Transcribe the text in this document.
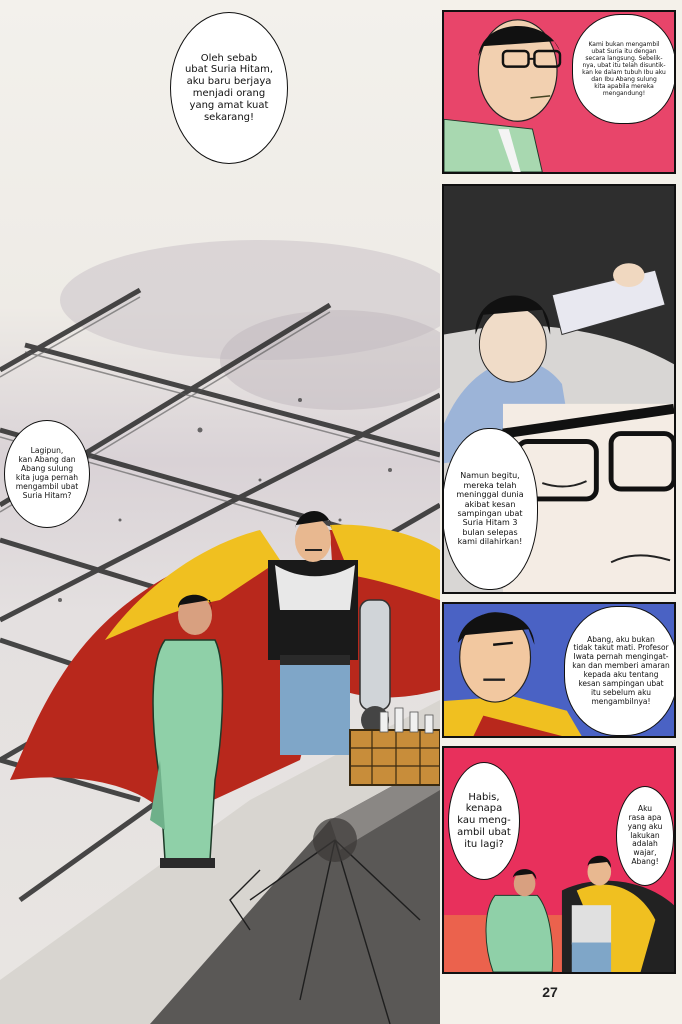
Oleh sebab
ubat Suria Hitam,
aku baru berjaya
menjadi orang
yang amat kuat
sekarang!
Lagipun,
kan Abang dan
Abang sulung
kita juga pernah
mengambil ubat
Suria Hitam?
Kami bukan mengambil
ubat Suria itu dengan
secara langsung. Sebelik-
nya, ubat itu telah disuntik-
kan ke dalam tubuh Ibu aku
dan Ibu Abang sulung
kita apabila mereka
mengandung!
Namun begitu,
mereka telah
meninggal dunia
akibat kesan
sampingan ubat
Suria Hitam 3
bulan selepas
kami dilahirkan!
Abang, aku bukan
tidak takut mati. Profesor
Iwata pernah mengingat-
kan dan memberi amaran
kepada aku tentang
kesan sampingan ubat
itu sebelum aku
mengambilnya!
Habis,
kenapa
kau meng-
ambil ubat
itu lagi?
Aku
rasa apa
yang aku
lakukan
adalah
wajar,
Abang!
27
